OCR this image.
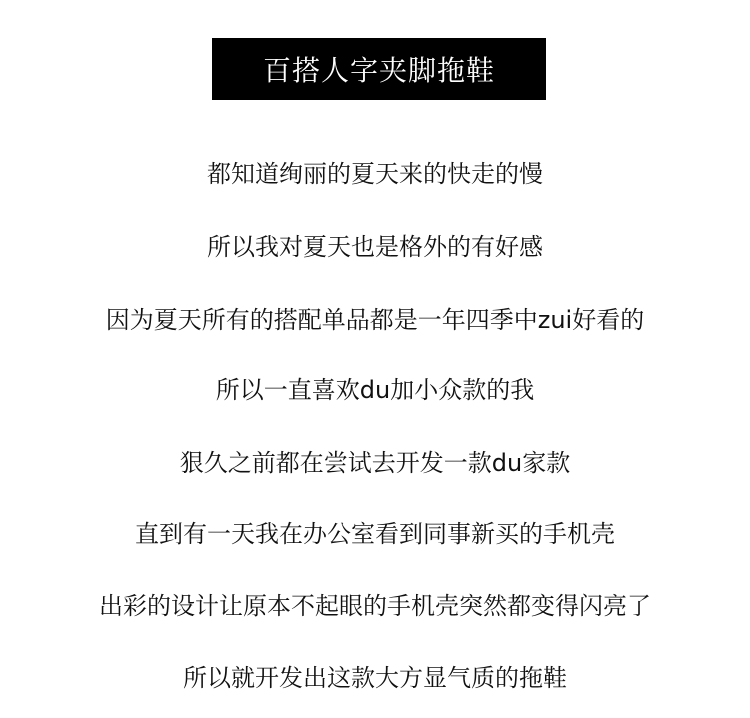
百搭人字夹脚拖鞋
都知道绚丽的夏天来的快走的慢
所以我对夏天也是格外的有好感
因为夏天所有的搭配单品都是一年四季中zui好看的
所以一直喜欢du加小众款的我
狠久之前都在尝试去开发一款du家款
直到有一天我在办公室看到同事新买的手机壳
出彩的设计让原本不起眼的手机壳突然都变得闪亮了
所以就开发出这款大方显气质的拖鞋
